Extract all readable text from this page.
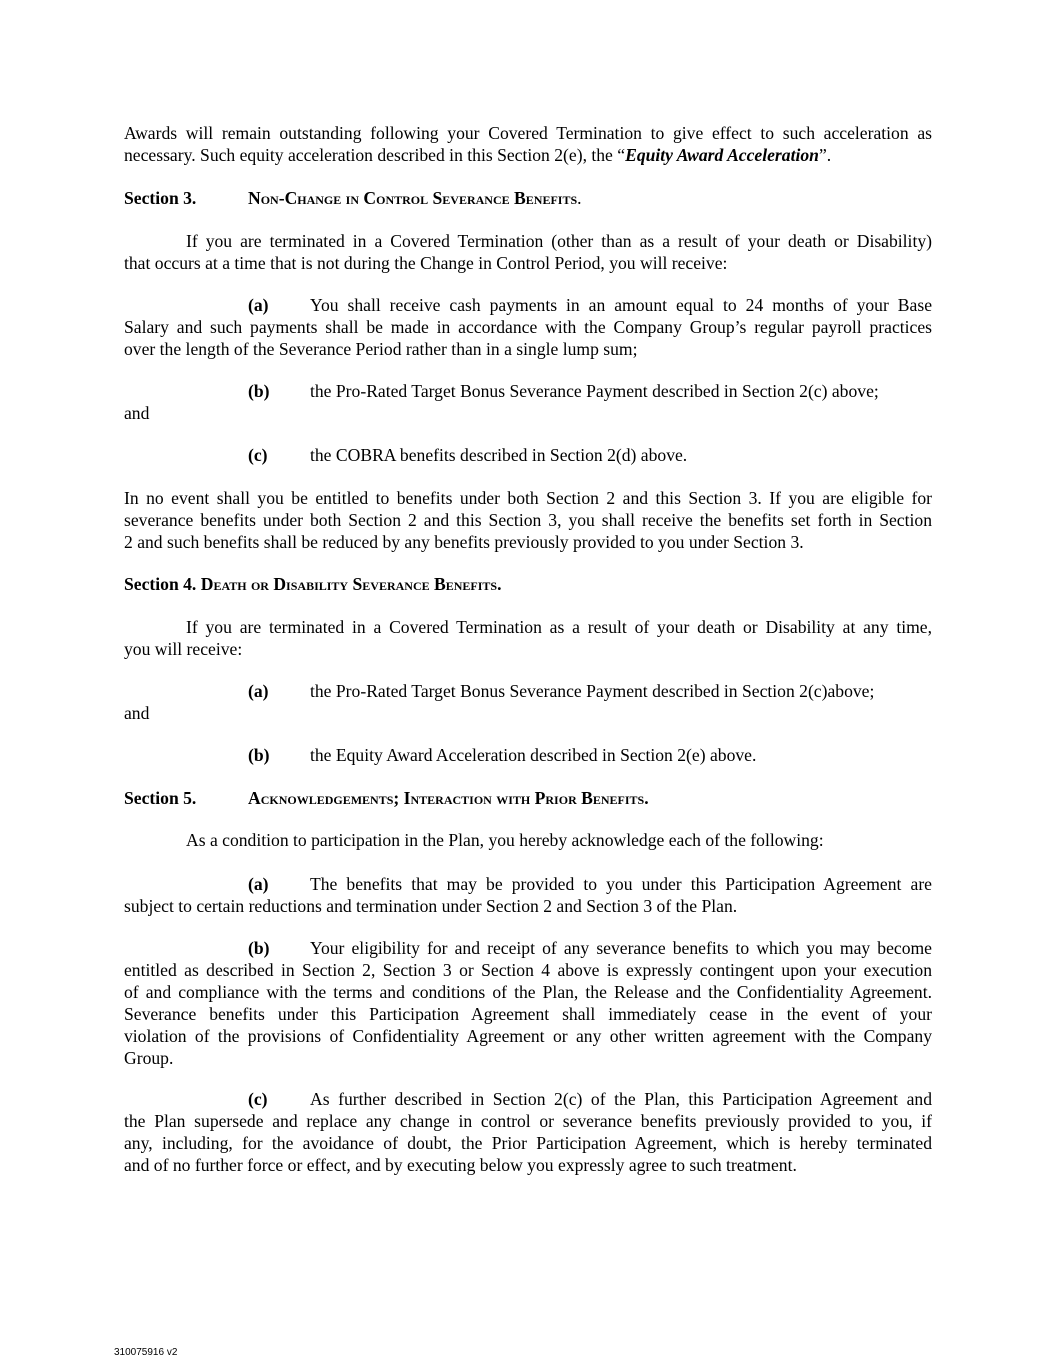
Awards will remain outstanding following your Covered Termination to give effect to such acceleration as
necessary. Such equity acceleration described in this Section 2(e), the “Equity Award Acceleration”.
Section 3.	Non-Change in Control Severance Benefits.
If you are terminated in a Covered Termination (other than as a result of your death or Disability)
that occurs at a time that is not during the Change in Control Period, you will receive:
(a) You shall receive cash payments in an amount equal to 24 months of your Base
Salary and such payments shall be made in accordance with the Company Group’s regular payroll practices
over the length of the Severance Period rather than in a single lump sum;
(b) the Pro-Rated Target Bonus Severance Payment described in Section 2(c) above;
and
(c) the COBRA benefits described in Section 2(d) above.
In no event shall you be entitled to benefits under both Section 2 and this Section 3. If you are eligible for
severance benefits under both Section 2 and this Section 3, you shall receive the benefits set forth in Section
2 and such benefits shall be reduced by any benefits previously provided to you under Section 3.
Section 4. Death or Disability Severance Benefits.
If you are terminated in a Covered Termination as a result of your death or Disability at any time,
you will receive:
(a) the Pro-Rated Target Bonus Severance Payment described in Section 2(c)above;
and
(b) the Equity Award Acceleration described in Section 2(e) above.
Section 5.	Acknowledgements; Interaction with Prior Benefits.
As a condition to participation in the Plan, you hereby acknowledge each of the following:
(a) The benefits that may be provided to you under this Participation Agreement are
subject to certain reductions and termination under Section 2 and Section 3 of the Plan.
(b) Your eligibility for and receipt of any severance benefits to which you may become
entitled as described in Section 2, Section 3 or Section 4 above is expressly contingent upon your execution
of and compliance with the terms and conditions of the Plan, the Release and the Confidentiality Agreement.
Severance benefits under this Participation Agreement shall immediately cease in the event of your
violation of the provisions of Confidentiality Agreement or any other written agreement with the Company
Group.
(c) As further described in Section 2(c) of the Plan, this Participation Agreement and
the Plan supersede and replace any change in control or severance benefits previously provided to you, if
any, including, for the avoidance of doubt, the Prior Participation Agreement, which is hereby terminated
and of no further force or effect, and by executing below you expressly agree to such treatment.
310075916 v2
